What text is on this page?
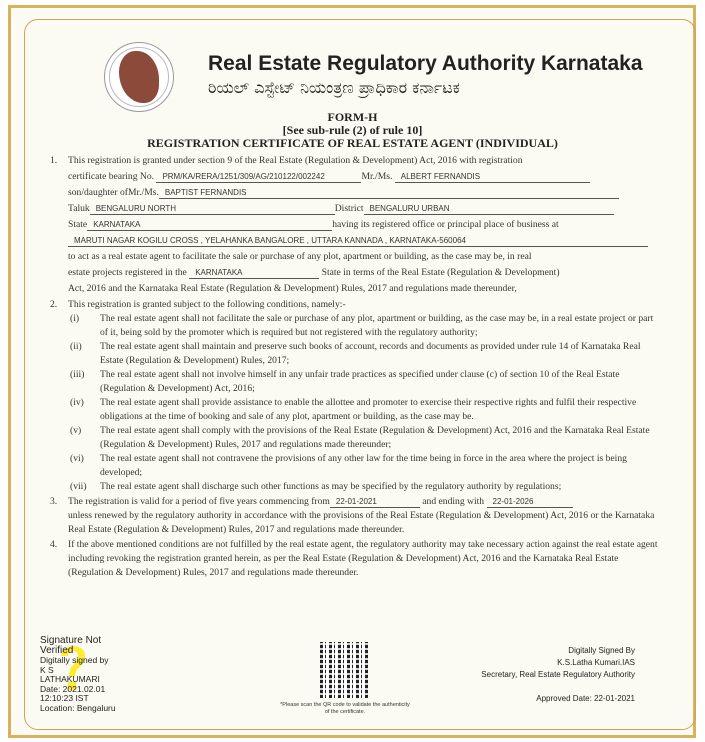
Real Estate Regulatory Authority Karnataka
ರಿಯಲ್ ಎಸ್ಟೇಟ್ ನಿಯಂತ್ರಣ ಪ್ರಾಧಿಕಾರ ಕರ್ನಾಟಕ
FORM-H
[See sub-rule (2) of rule 10]
REGISTRATION CERTIFICATE OF REAL ESTATE AGENT (INDIVIDUAL)
1.	This registration is granted under section 9 of the Real Estate (Regulation & Development) Act, 2016 with registration
certificate bearing No. PRM/KA/RERA/1251/309/AG/210122/002242	Mr./Ms. ALBERT FERNANDIS
son/daughter ofMr./Ms. BAPTIST FERNANDIS
Taluk BENGALURU NORTH	District BENGALURU URBAN
State KARNATAKA	having its registered office or principal place of business at
MARUTI NAGAR KOGILU CROSS , YELAHANKA BANGALORE , UTTARA KANNADA , KARNATAKA-560064
to act as a real estate agent to facilitate the sale or purchase of any plot, apartment or building, as the case may be, in real
estate projects registered in the KARNATAKA	State in terms of the Real Estate (Regulation & Development)
Act, 2016 and the Karnataka Real Estate (Regulation & Development) Rules, 2017 and regulations made thereunder,
2.	This registration is granted subject to the following conditions, namely:-
(i)	The real estate agent shall not facilitate the sale or purchase of any plot, apartment or building, as the case may be, in a real estate project or part of it, being sold by the promoter which is required but not registered with the regulatory authority;
(ii)	The real estate agent shall maintain and preserve such books of account, records and documents as provided under rule 14 of Karnataka Real Estate (Regulation & Development) Rules, 2017;
(iii)	The real estate agent shall not involve himself in any unfair trade practices as specified under clause (c) of section 10 of the Real Estate (Regulation & Development) Act, 2016;
(iv)	The real estate agent shall provide assistance to enable the allottee and promoter to exercise their respective rights and fulfil their respective obligations at the time of booking and sale of any plot, apartment or building, as the case may be.
(v)	The real estate agent shall comply with the provisions of the Real Estate (Regulation & Development) Act, 2016 and the Karnataka Real Estate (Regulation & Development) Rules, 2017 and regulations made thereunder;
(vi)	The real estate agent shall not contravene the provisions of any other law for the time being in force in the area where the project is being developed;
(vii)	The real estate agent shall discharge such other functions as may be specified by the regulatory authority by regulations;
3.	The registration is valid for a period of five years commencing from 22-01-2021	and ending with 22-01-2026
unless renewed by the regulatory authority in accordance with the provisions of the Real Estate (Regulation & Development) Act, 2016 or the Karnataka Real Estate (Regulation & Development) Rules, 2017 and regulations made thereunder.
4.	If the above mentioned conditions are not fulfilled by the real estate agent, the regulatory authority may take necessary action against the real estate agent including revoking the registration granted herein, as per the Real Estate (Regulation & Development) Act, 2016 and the Karnataka Real Estate (Regulation & Development) Rules, 2017 and regulations made thereunder.
Signature Not Verified
Digitally signed by
K S
LATHAKUMARI
Date: 2021.02.01
12:10:23 IST
Location: Bengaluru	*Please scan the QR code to validate the authenticity of the certificate.
Digitally Signed By
K.S.Latha Kumari.IAS
Secretary, Real Estate Regulatory Authority
Approved Date: 22-01-2021
